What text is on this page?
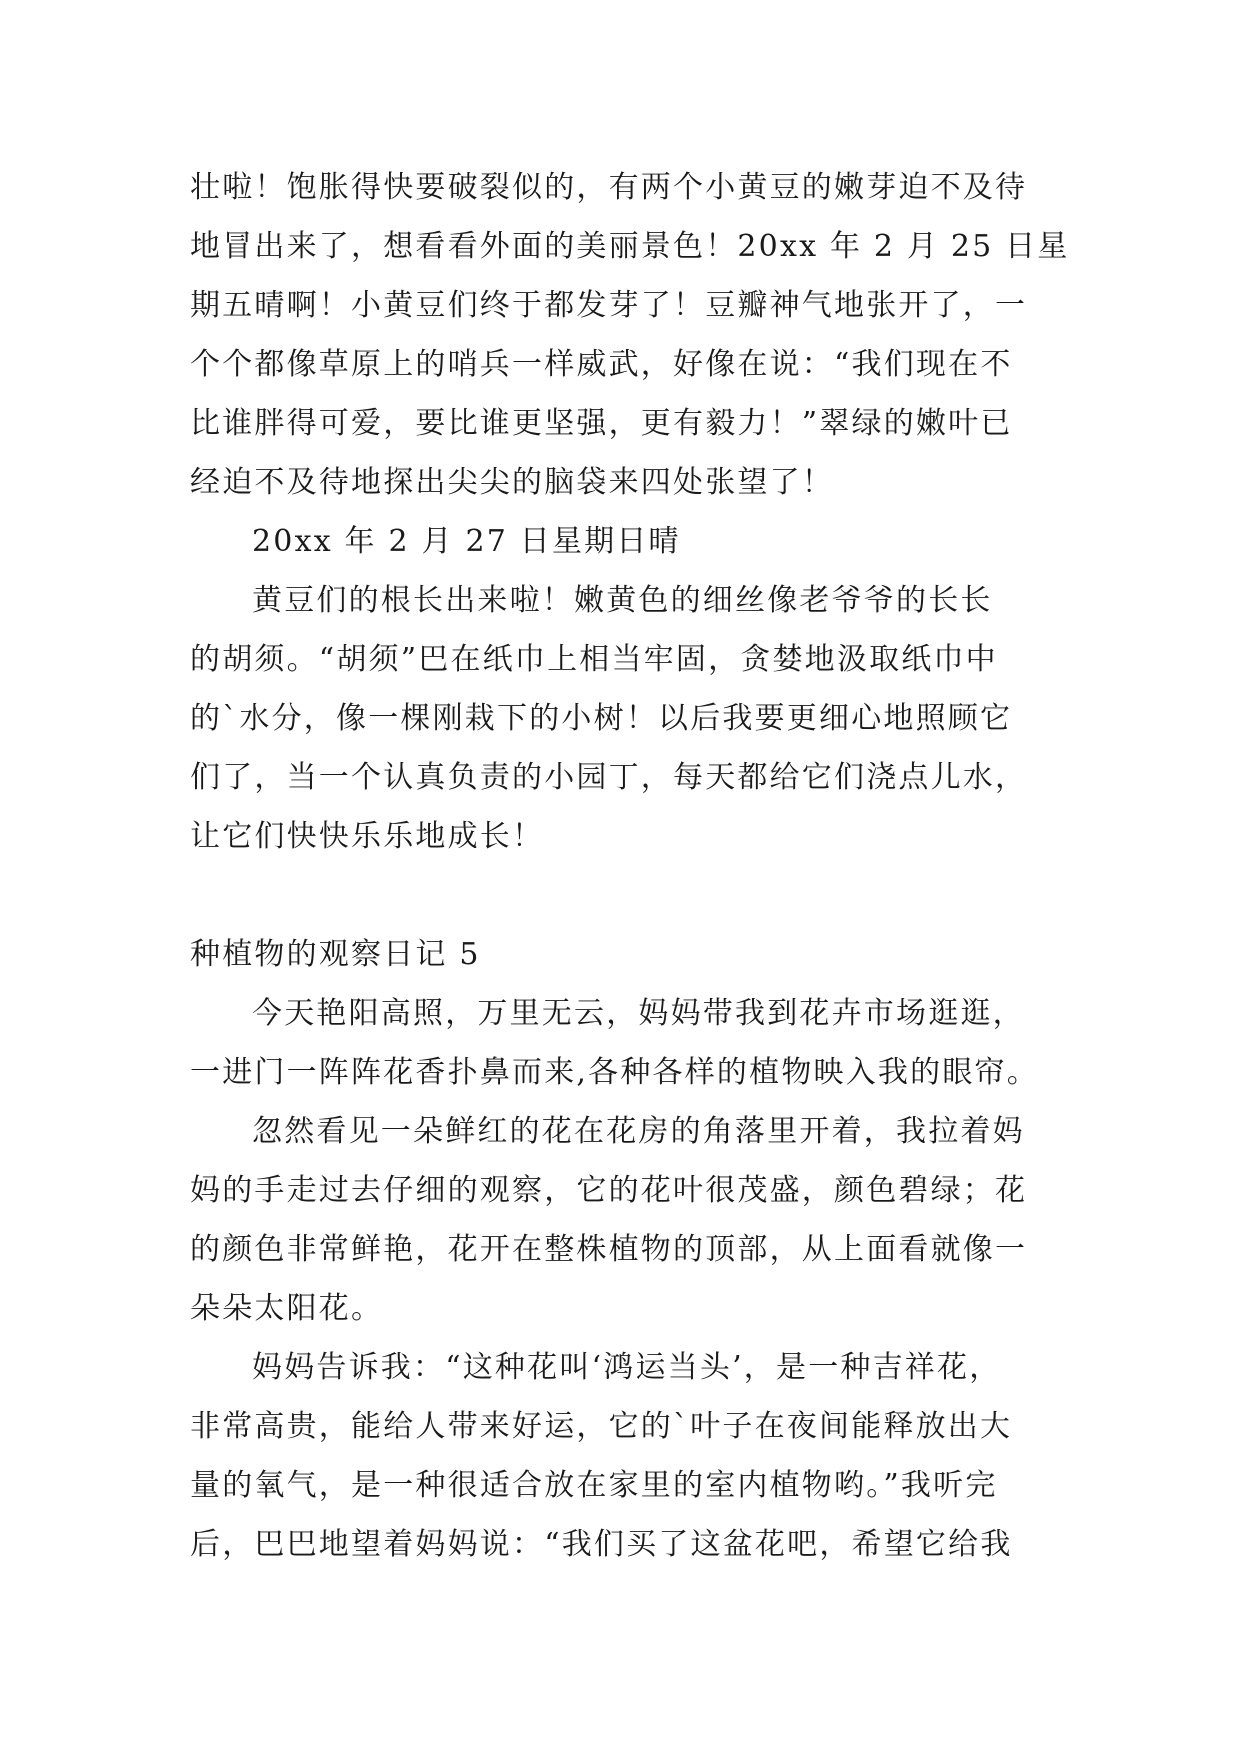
壮啦！饱胀得快要破裂似的，有两个小黄豆的嫩芽迫不及待
地冒出来了，想看看外面的美丽景色！20xx 年 2 月 25 日星
期五晴啊！小黄豆们终于都发芽了！豆瓣神气地张开了，一
个个都像草原上的哨兵一样威武，好像在说：“我们现在不
比谁胖得可爱，要比谁更坚强，更有毅力！”翠绿的嫩叶已
经迫不及待地探出尖尖的脑袋来四处张望了！
20xx 年 2 月 27 日星期日晴
黄豆们的根长出来啦！嫩黄色的细丝像老爷爷的长长
的胡须。“胡须”巴在纸巾上相当牢固，贪婪地汲取纸巾中
的`水分，像一棵刚栽下的小树！以后我要更细心地照顾它
们了，当一个认真负责的小园丁，每天都给它们浇点儿水，
让它们快快乐乐地成长！
种植物的观察日记 5
今天艳阳高照，万里无云，妈妈带我到花卉市场逛逛，
一进门一阵阵花香扑鼻而来,各种各样的植物映入我的眼帘。
忽然看见一朵鲜红的花在花房的角落里开着，我拉着妈
妈的手走过去仔细的观察，它的花叶很茂盛，颜色碧绿；花
的颜色非常鲜艳，花开在整株植物的顶部，从上面看就像一
朵朵太阳花。
妈妈告诉我：“这种花叫‘鸿运当头’，是一种吉祥花，
非常高贵，能给人带来好运，它的`叶子在夜间能释放出大
量的氧气，是一种很适合放在家里的室内植物哟。”我听完
后，巴巴地望着妈妈说：“我们买了这盆花吧，希望它给我
